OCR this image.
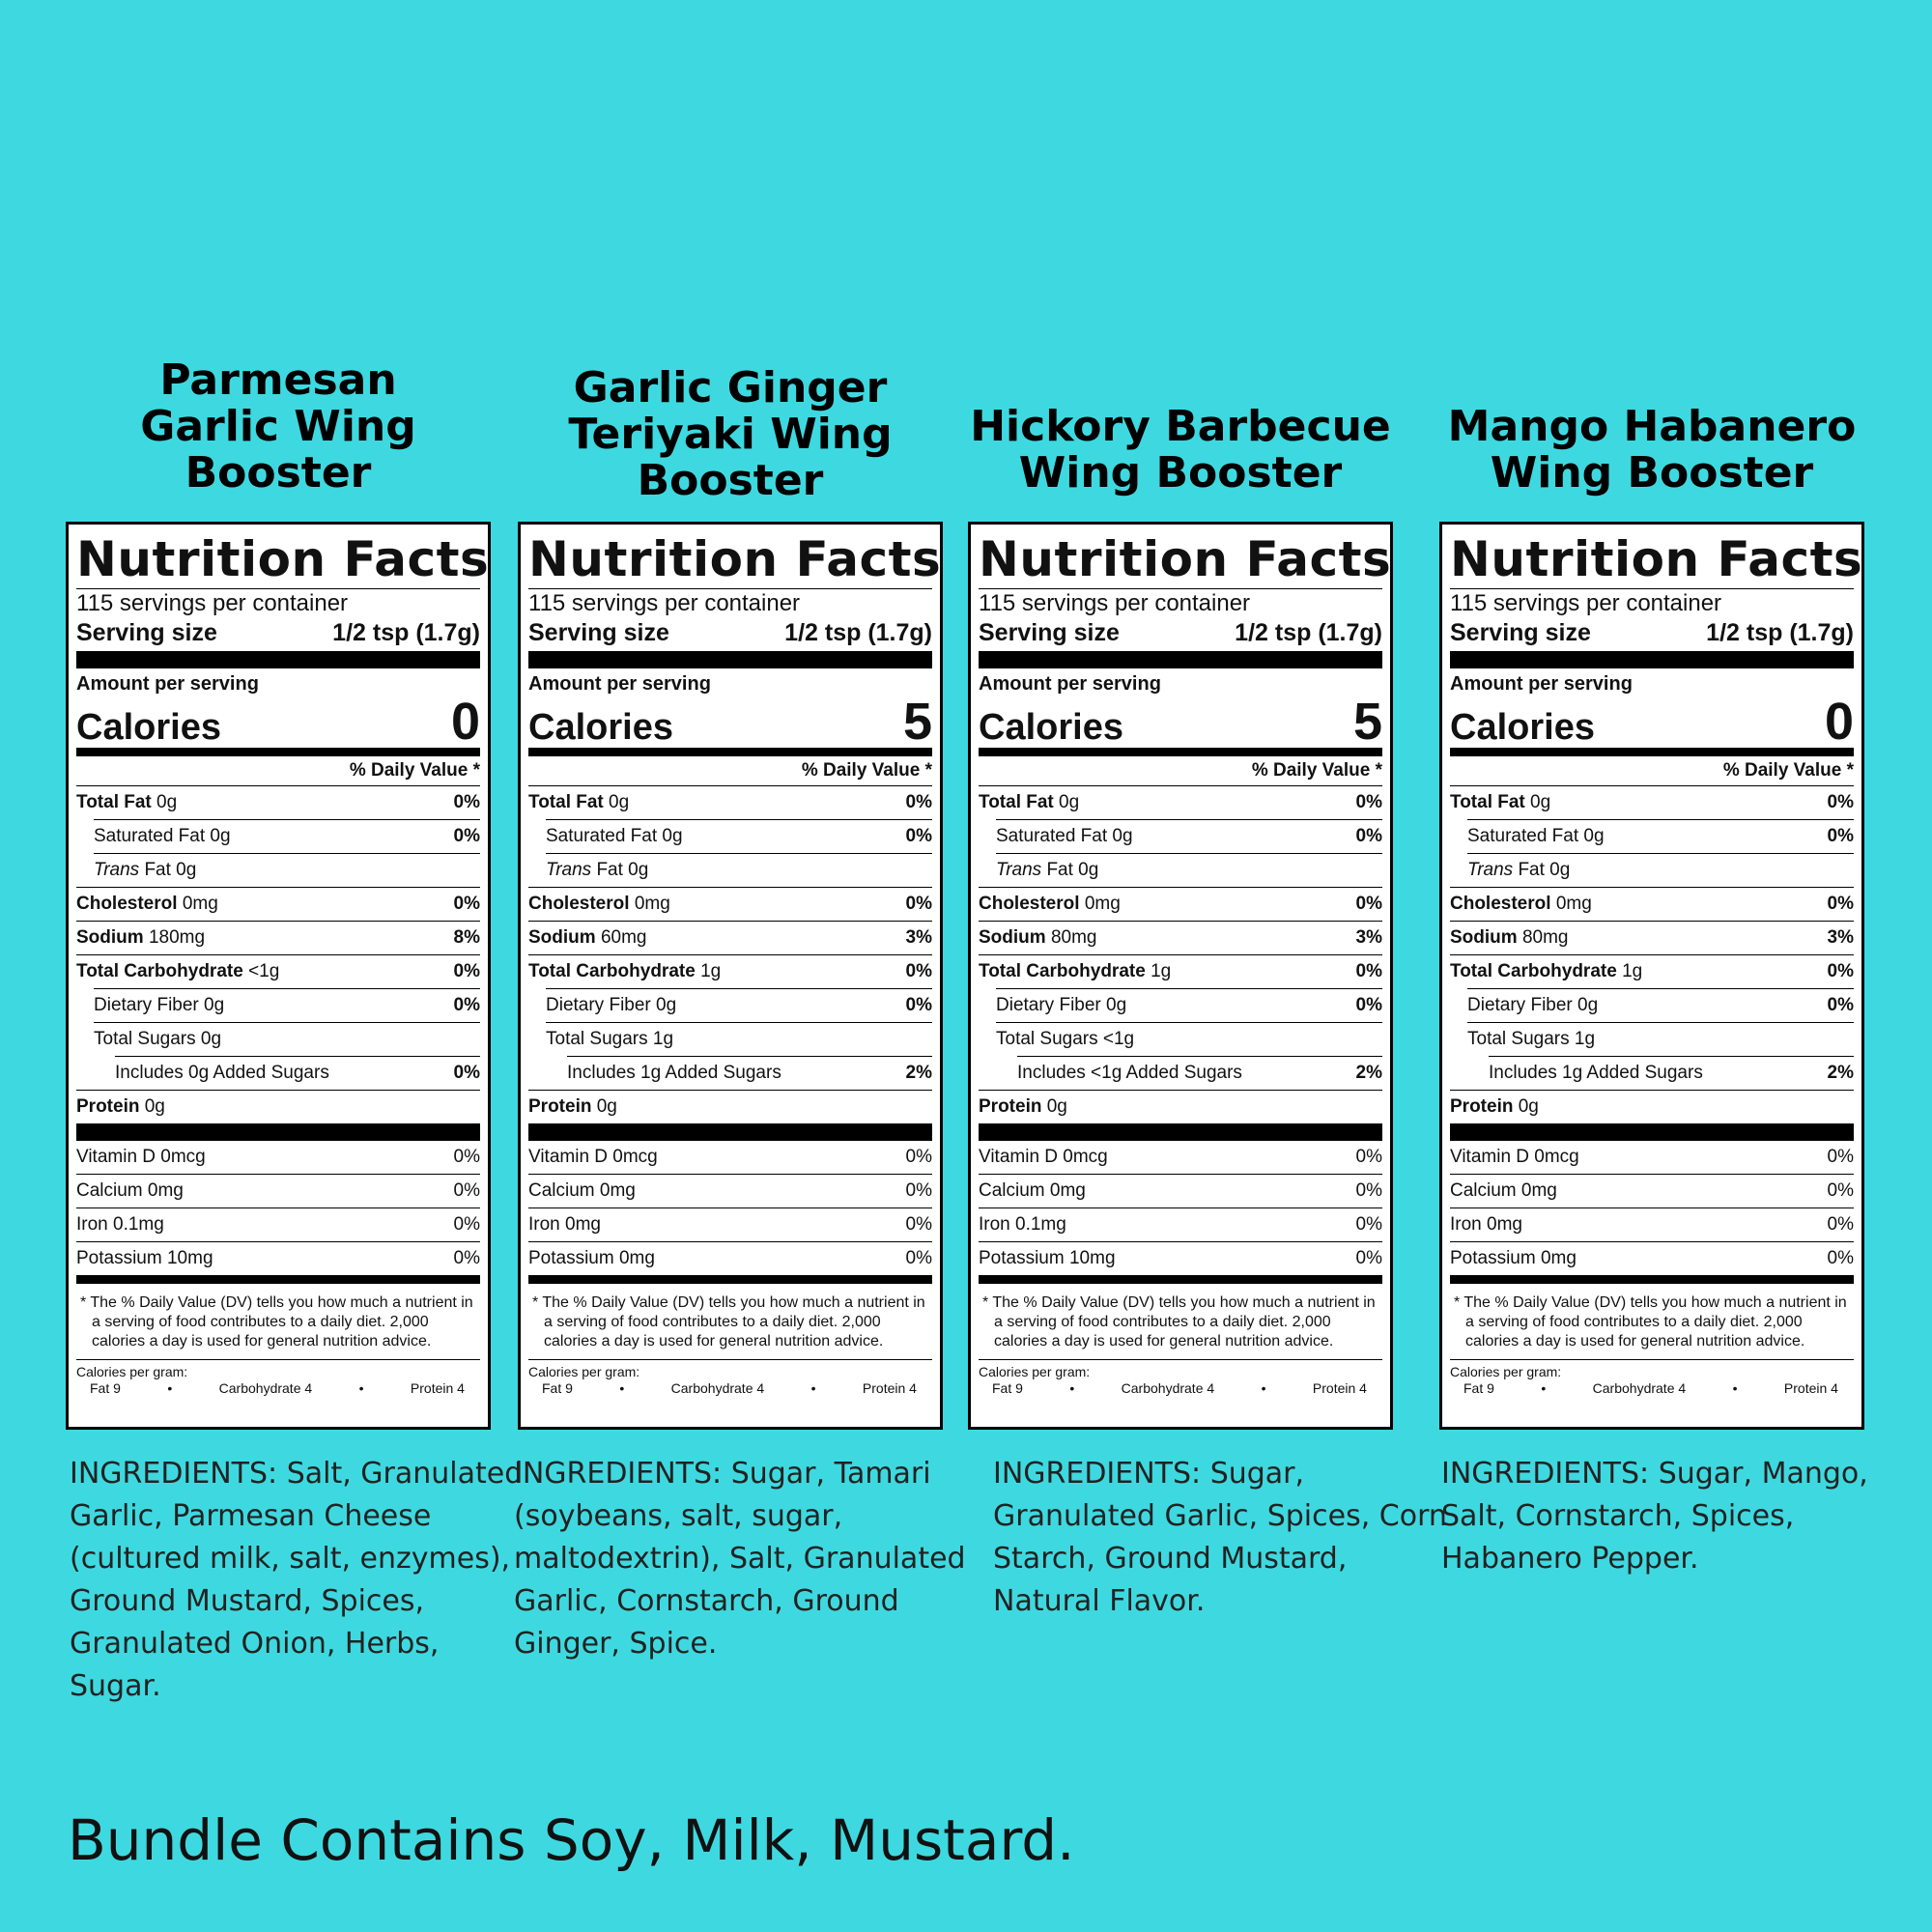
Parmesan
Garlic Wing
Booster
Nutrition Facts
115 servings per container
Serving size	1/2 tsp (1.7g)
Amount per serving
Calories	0
% Daily Value *
Total Fat 0g	0%
Saturated Fat 0g	0%
Trans Fat 0g
Cholesterol 0mg	0%
Sodium 180mg	8%
Total Carbohydrate <1g	0%
Dietary Fiber 0g	0%
Total Sugars 0g
Includes 0g Added Sugars	0%
Protein 0g
Vitamin D 0mcg	0%
Calcium 0mg	0%
Iron 0.1mg	0%
Potassium 10mg	0%
* The % Daily Value (DV) tells you how much a nutrient in a serving of food contributes to a daily diet. 2,000 calories a day is used for general nutrition advice.
Calories per gram:
Fat 9	•	Carbohydrate 4	•	Protein 4
INGREDIENTS: Salt, Granulated Garlic, Parmesan Cheese (cultured milk, salt, enzymes), Ground Mustard, Spices, Granulated Onion, Herbs, Sugar.
Garlic Ginger
Teriyaki Wing
Booster
Nutrition Facts
115 servings per container
Serving size	1/2 tsp (1.7g)
Amount per serving
Calories	5
% Daily Value *
Total Fat 0g	0%
Saturated Fat 0g	0%
Trans Fat 0g
Cholesterol 0mg	0%
Sodium 60mg	3%
Total Carbohydrate 1g	0%
Dietary Fiber 0g	0%
Total Sugars 1g
Includes 1g Added Sugars	2%
Protein 0g
Vitamin D 0mcg	0%
Calcium 0mg	0%
Iron 0mg	0%
Potassium 0mg	0%
* The % Daily Value (DV) tells you how much a nutrient in a serving of food contributes to a daily diet. 2,000 calories a day is used for general nutrition advice.
Calories per gram:
Fat 9	•	Carbohydrate 4	•	Protein 4
INGREDIENTS: Sugar, Tamari (soybeans, salt, sugar, maltodextrin), Salt, Granulated Garlic, Cornstarch, Ground Ginger, Spice.
Hickory Barbecue
Wing Booster
Nutrition Facts
115 servings per container
Serving size	1/2 tsp (1.7g)
Amount per serving
Calories	5
% Daily Value *
Total Fat 0g	0%
Saturated Fat 0g	0%
Trans Fat 0g
Cholesterol 0mg	0%
Sodium 80mg	3%
Total Carbohydrate 1g	0%
Dietary Fiber 0g	0%
Total Sugars <1g
Includes <1g Added Sugars	2%
Protein 0g
Vitamin D 0mcg	0%
Calcium 0mg	0%
Iron 0.1mg	0%
Potassium 10mg	0%
* The % Daily Value (DV) tells you how much a nutrient in a serving of food contributes to a daily diet. 2,000 calories a day is used for general nutrition advice.
Calories per gram:
Fat 9	•	Carbohydrate 4	•	Protein 4
INGREDIENTS: Sugar, Granulated Garlic, Spices, Corn Starch, Ground Mustard, Natural Flavor.
Mango Habanero
Wing Booster
Nutrition Facts
115 servings per container
Serving size	1/2 tsp (1.7g)
Amount per serving
Calories	0
% Daily Value *
Total Fat 0g	0%
Saturated Fat 0g	0%
Trans Fat 0g
Cholesterol 0mg	0%
Sodium 80mg	3%
Total Carbohydrate 1g	0%
Dietary Fiber 0g	0%
Total Sugars 1g
Includes 1g Added Sugars	2%
Protein 0g
Vitamin D 0mcg	0%
Calcium 0mg	0%
Iron 0mg	0%
Potassium 0mg	0%
* The % Daily Value (DV) tells you how much a nutrient in a serving of food contributes to a daily diet. 2,000 calories a day is used for general nutrition advice.
Calories per gram:
Fat 9	•	Carbohydrate 4	•	Protein 4
INGREDIENTS: Sugar, Mango, Salt, Cornstarch, Spices, Habanero Pepper.
Bundle Contains Soy, Milk, Mustard.
